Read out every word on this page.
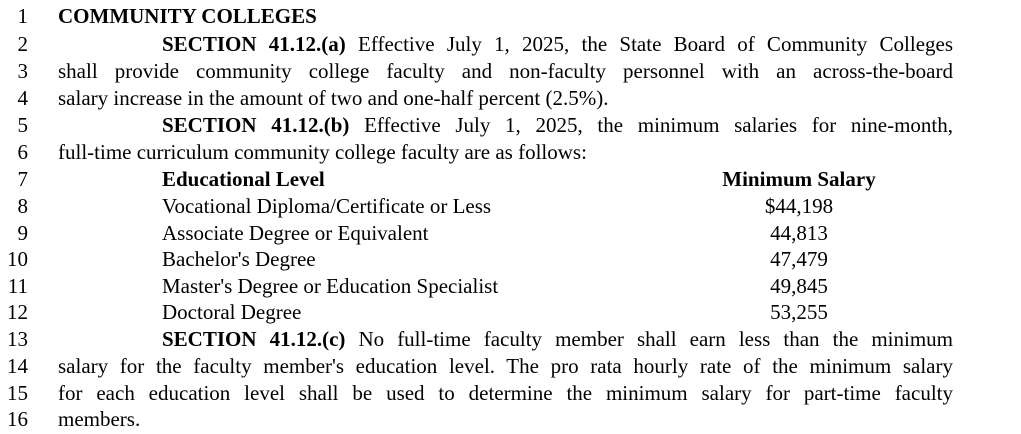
1 COMMUNITY COLLEGES
2	SECTION 41.12.(a) Effective July 1, 2025, the State Board of Community Colleges
3 shall provide community college faculty and non-faculty personnel with an across-the-board
4 salary increase in the amount of two and one-half percent (2.5%).
5	SECTION 41.12.(b) Effective July 1, 2025, the minimum salaries for nine-month,
6 full-time curriculum community college faculty are as follows:
7	Educational Level	Minimum Salary
8	Vocational Diploma/Certificate or Less	$44,198
9	Associate Degree or Equivalent	44,813
10	Bachelor's Degree	47,479
11	Master's Degree or Education Specialist	49,845
12	Doctoral Degree	53,255
13	SECTION 41.12.(c) No full-time faculty member shall earn less than the minimum
14 salary for the faculty member's education level. The pro rata hourly rate of the minimum salary
15 for each education level shall be used to determine the minimum salary for part-time faculty
16 members.
